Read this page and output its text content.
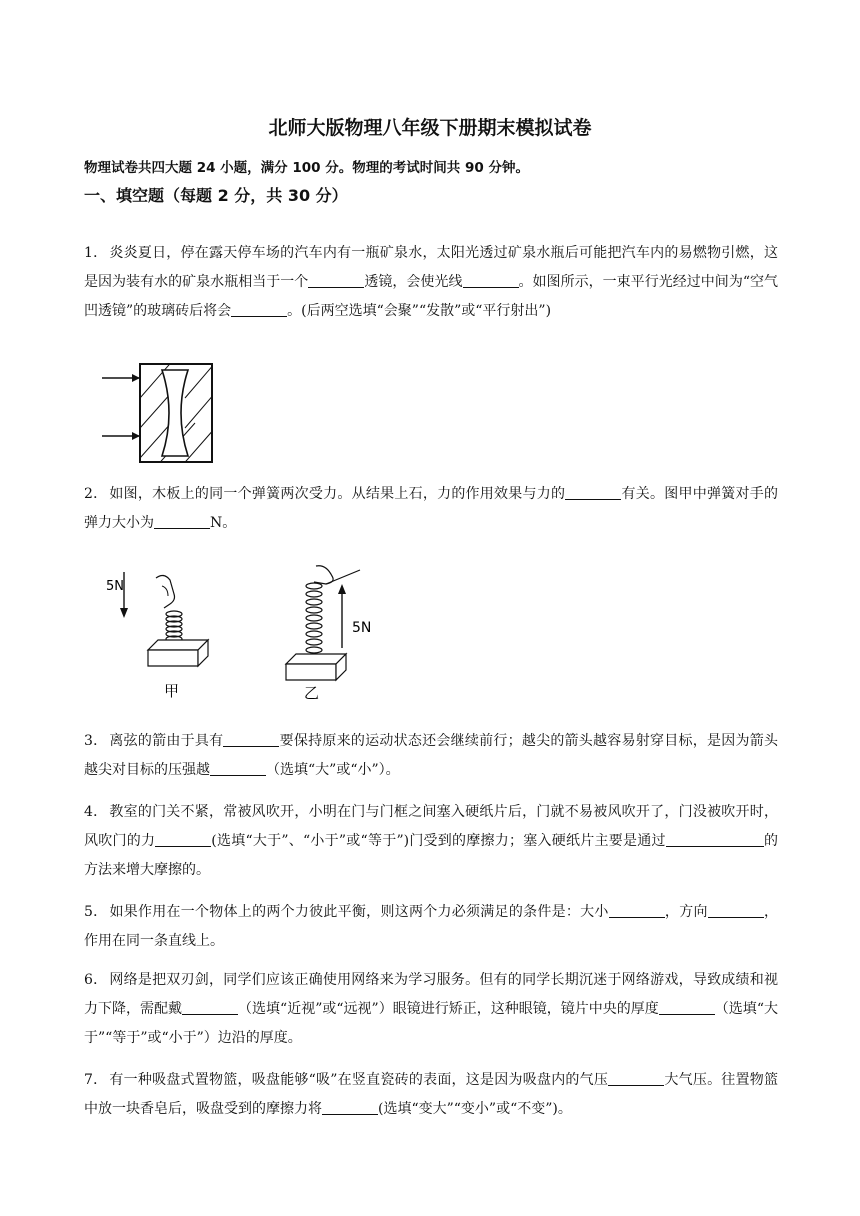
北师大版物理八年级下册期末模拟试卷
物理试卷共四大题 24 小题，满分 100 分。物理的考试时间共 90 分钟。
一、填空题（每题 2 分，共 30 分）
1． 炎炎夏日，停在露天停车场的汽车内有一瓶矿泉水，太阳光透过矿泉水瓶后可能把汽车内的易燃物引燃，这是因为装有水的矿泉水瓶相当于一个	透镜，会使光线	。如图所示，一束平行光经过中间为“空气凹透镜”的玻璃砖后将会	。(后两空选填“会聚”“发散”或“平行射出”)
2． 如图，木板上的同一个弹簧两次受力。从结果上石，力的作用效果与力的	有关。图甲中弹簧对手的弹力大小为	N。
5N
甲
5N
乙
3． 离弦的箭由于具有	要保持原来的运动状态还会继续前行；越尖的箭头越容易射穿目标，是因为箭头越尖对目标的压强越	（选填“大”或“小”）。
4． 教室的门关不紧，常被风吹开，小明在门与门框之间塞入硬纸片后，门就不易被风吹开了，门没被吹开时，风吹门的力	(选填“大于”、“小于”或“等于”)门受到的摩擦力；塞入硬纸片主要是通过	的方法来增大摩擦的。
5． 如果作用在一个物体上的两个力彼此平衡，则这两个力必须满足的条件是：大小	，方向	，作用在同一条直线上。
6． 网络是把双刃剑，同学们应该正确使用网络来为学习服务。但有的同学长期沉迷于网络游戏，导致成绩和视力下降，需配戴	（选填“近视”或“远视”）眼镜进行矫正，这种眼镜，镜片中央的厚度	（选填“大于”“等于”或“小于”）边沿的厚度。
7． 有一种吸盘式置物篮，吸盘能够“吸”在竖直瓷砖的表面，这是因为吸盘内的气压	大气压。往置物篮中放一块香皂后，吸盘受到的摩擦力将	(选填“变大”“变小”或“不变”)。
